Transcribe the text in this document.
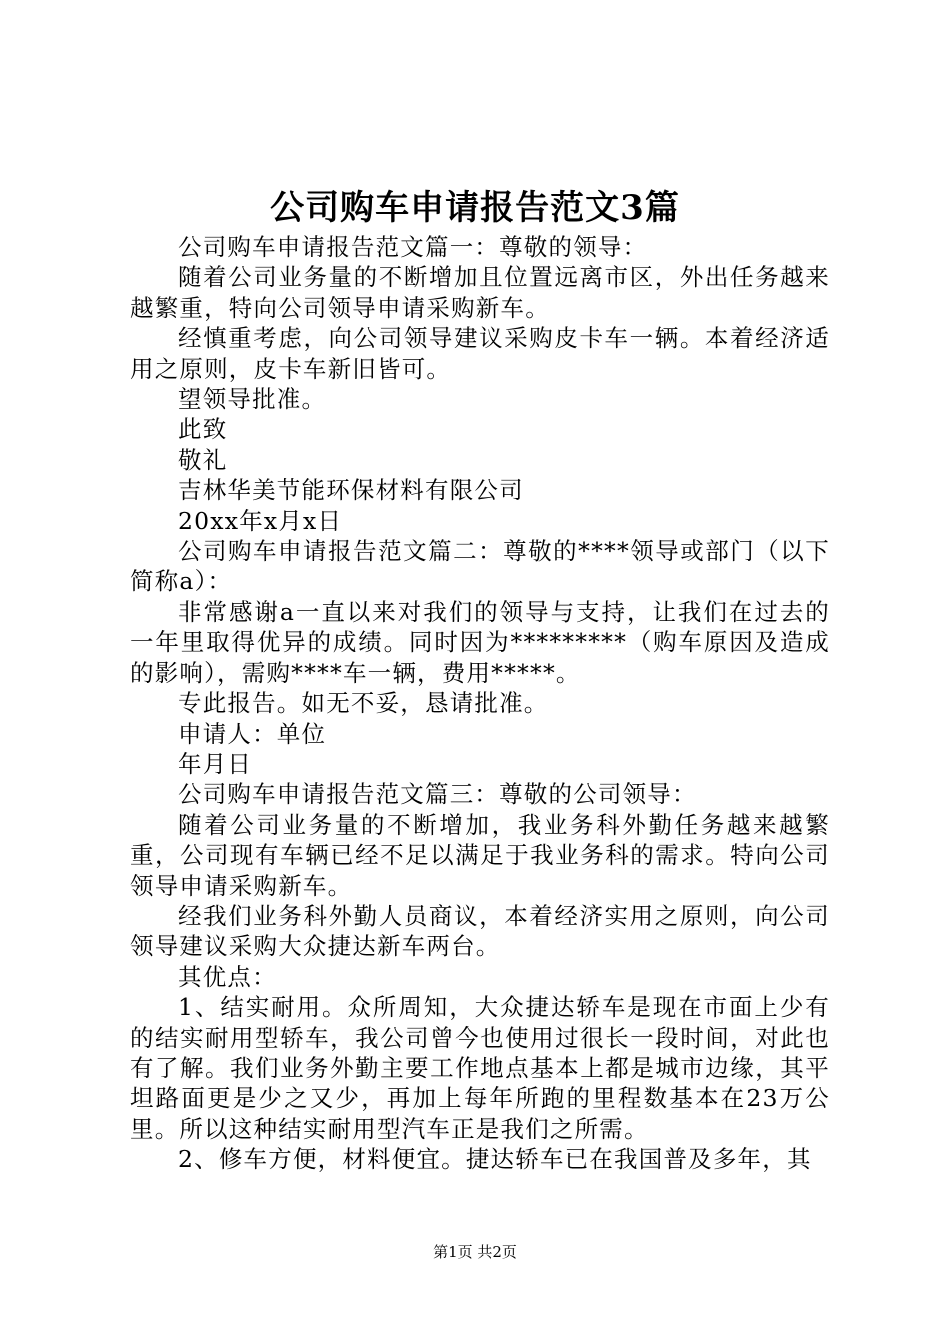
公司购车申请报告范文3篇

公司购车申请报告范文篇一：尊敬的领导：

随着公司业务量的不断增加且位置远离市区，外出任务越来越繁重，特向公司领导申请采购新车。

经慎重考虑，向公司领导建议采购皮卡车一辆。本着经济适用之原则，皮卡车新旧皆可。

望领导批准。

此致

敬礼

吉林华美节能环保材料有限公司

20xx年x月x日

公司购车申请报告范文篇二：尊敬的****领导或部门（以下简称a）：

非常感谢a一直以来对我们的领导与支持，让我们在过去的一年里取得优异的成绩。同时因为*********（购车原因及造成的影响），需购****车一辆，费用*****。

专此报告。如无不妥，恳请批准。

申请人：单位

年月日

公司购车申请报告范文篇三：尊敬的公司领导：

随着公司业务量的不断增加，我业务科外勤任务越来越繁重，公司现有车辆已经不足以满足于我业务科的需求。特向公司领导申请采购新车。

经我们业务科外勤人员商议，本着经济实用之原则，向公司领导建议采购大众捷达新车两台。

其优点：

1、结实耐用。众所周知，大众捷达轿车是现在市面上少有的结实耐用型轿车，我公司曾今也使用过很长一段时间，对此也有了解。我们业务外勤主要工作地点基本上都是城市边缘，其平坦路面更是少之又少，再加上每年所跑的里程数基本在23万公里。所以这种结实耐用型汽车正是我们之所需。

2、修车方便，材料便宜。捷达轿车已在我国普及多年，其

第1页 共2页
